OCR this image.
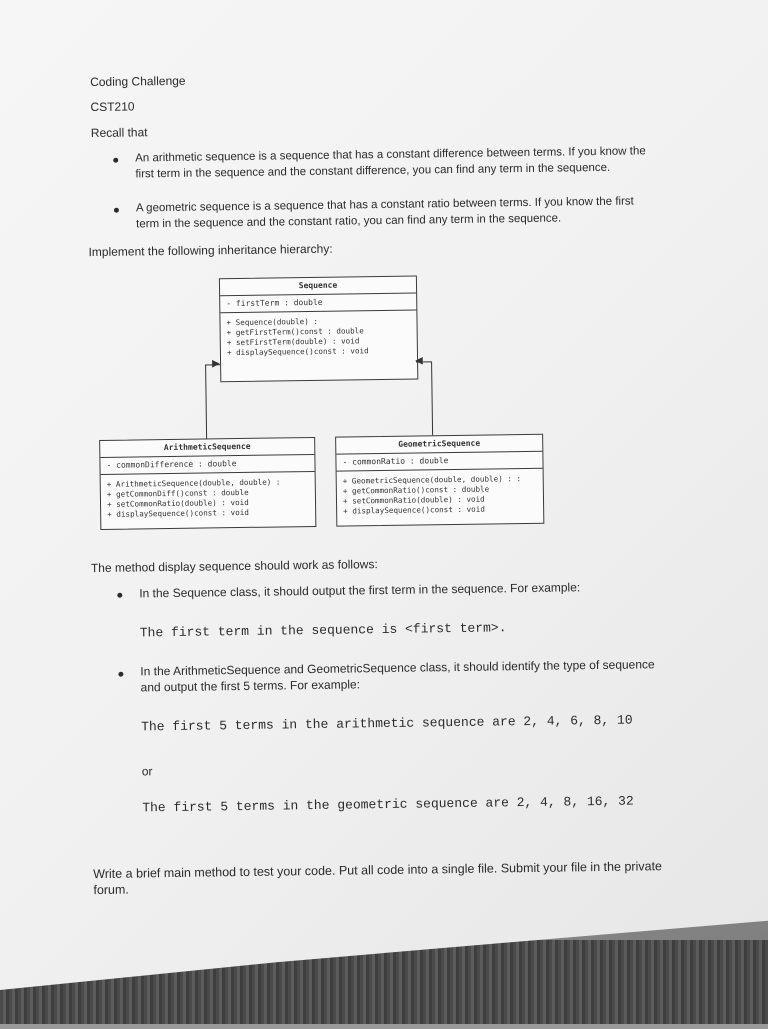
Coding Challenge
CST210
Recall that
An arithmetic sequence is a sequence that has a constant difference between terms. If you know the first term in the sequence and the constant difference, you can find any term in the sequence.
A geometric sequence is a sequence that has a constant ratio between terms. If you know the first term in the sequence and the constant ratio, you can find any term in the sequence.
Implement the following inheritance hierarchy:
Sequence
- firstTerm : double
+ Sequence(double) :
+ getFirstTerm()const : double
+ setFirstTerm(double) : void
+ displaySequence()const : void
ArithmeticSequence
- commonDifference : double
+ ArithmeticSequence(double, double) :
+ getCommonDiff()const : double
+ setCommonRatio(double) : void
+ displaySequence()const : void
GeometricSequence
- commonRatio : double
+ GeometricSequence(double, double) : :
+ getCommonRatio()const : double
+ setCommonRatio(double) : void
+ displaySequence()const : void
▶	◀
The method display sequence should work as follows:
In the Sequence class, it should output the first term in the sequence. For example:
The first term in the sequence is <first term>.
In the ArithmeticSequence and GeometricSequence class, it should identify the type of sequence and output the first 5 terms. For example:
The first 5 terms in the arithmetic sequence are 2, 4, 6, 8, 10
or
The first 5 terms in the geometric sequence are 2, 4, 8, 16, 32
Write a brief main method to test your code. Put all code into a single file. Submit your file in the private forum.
